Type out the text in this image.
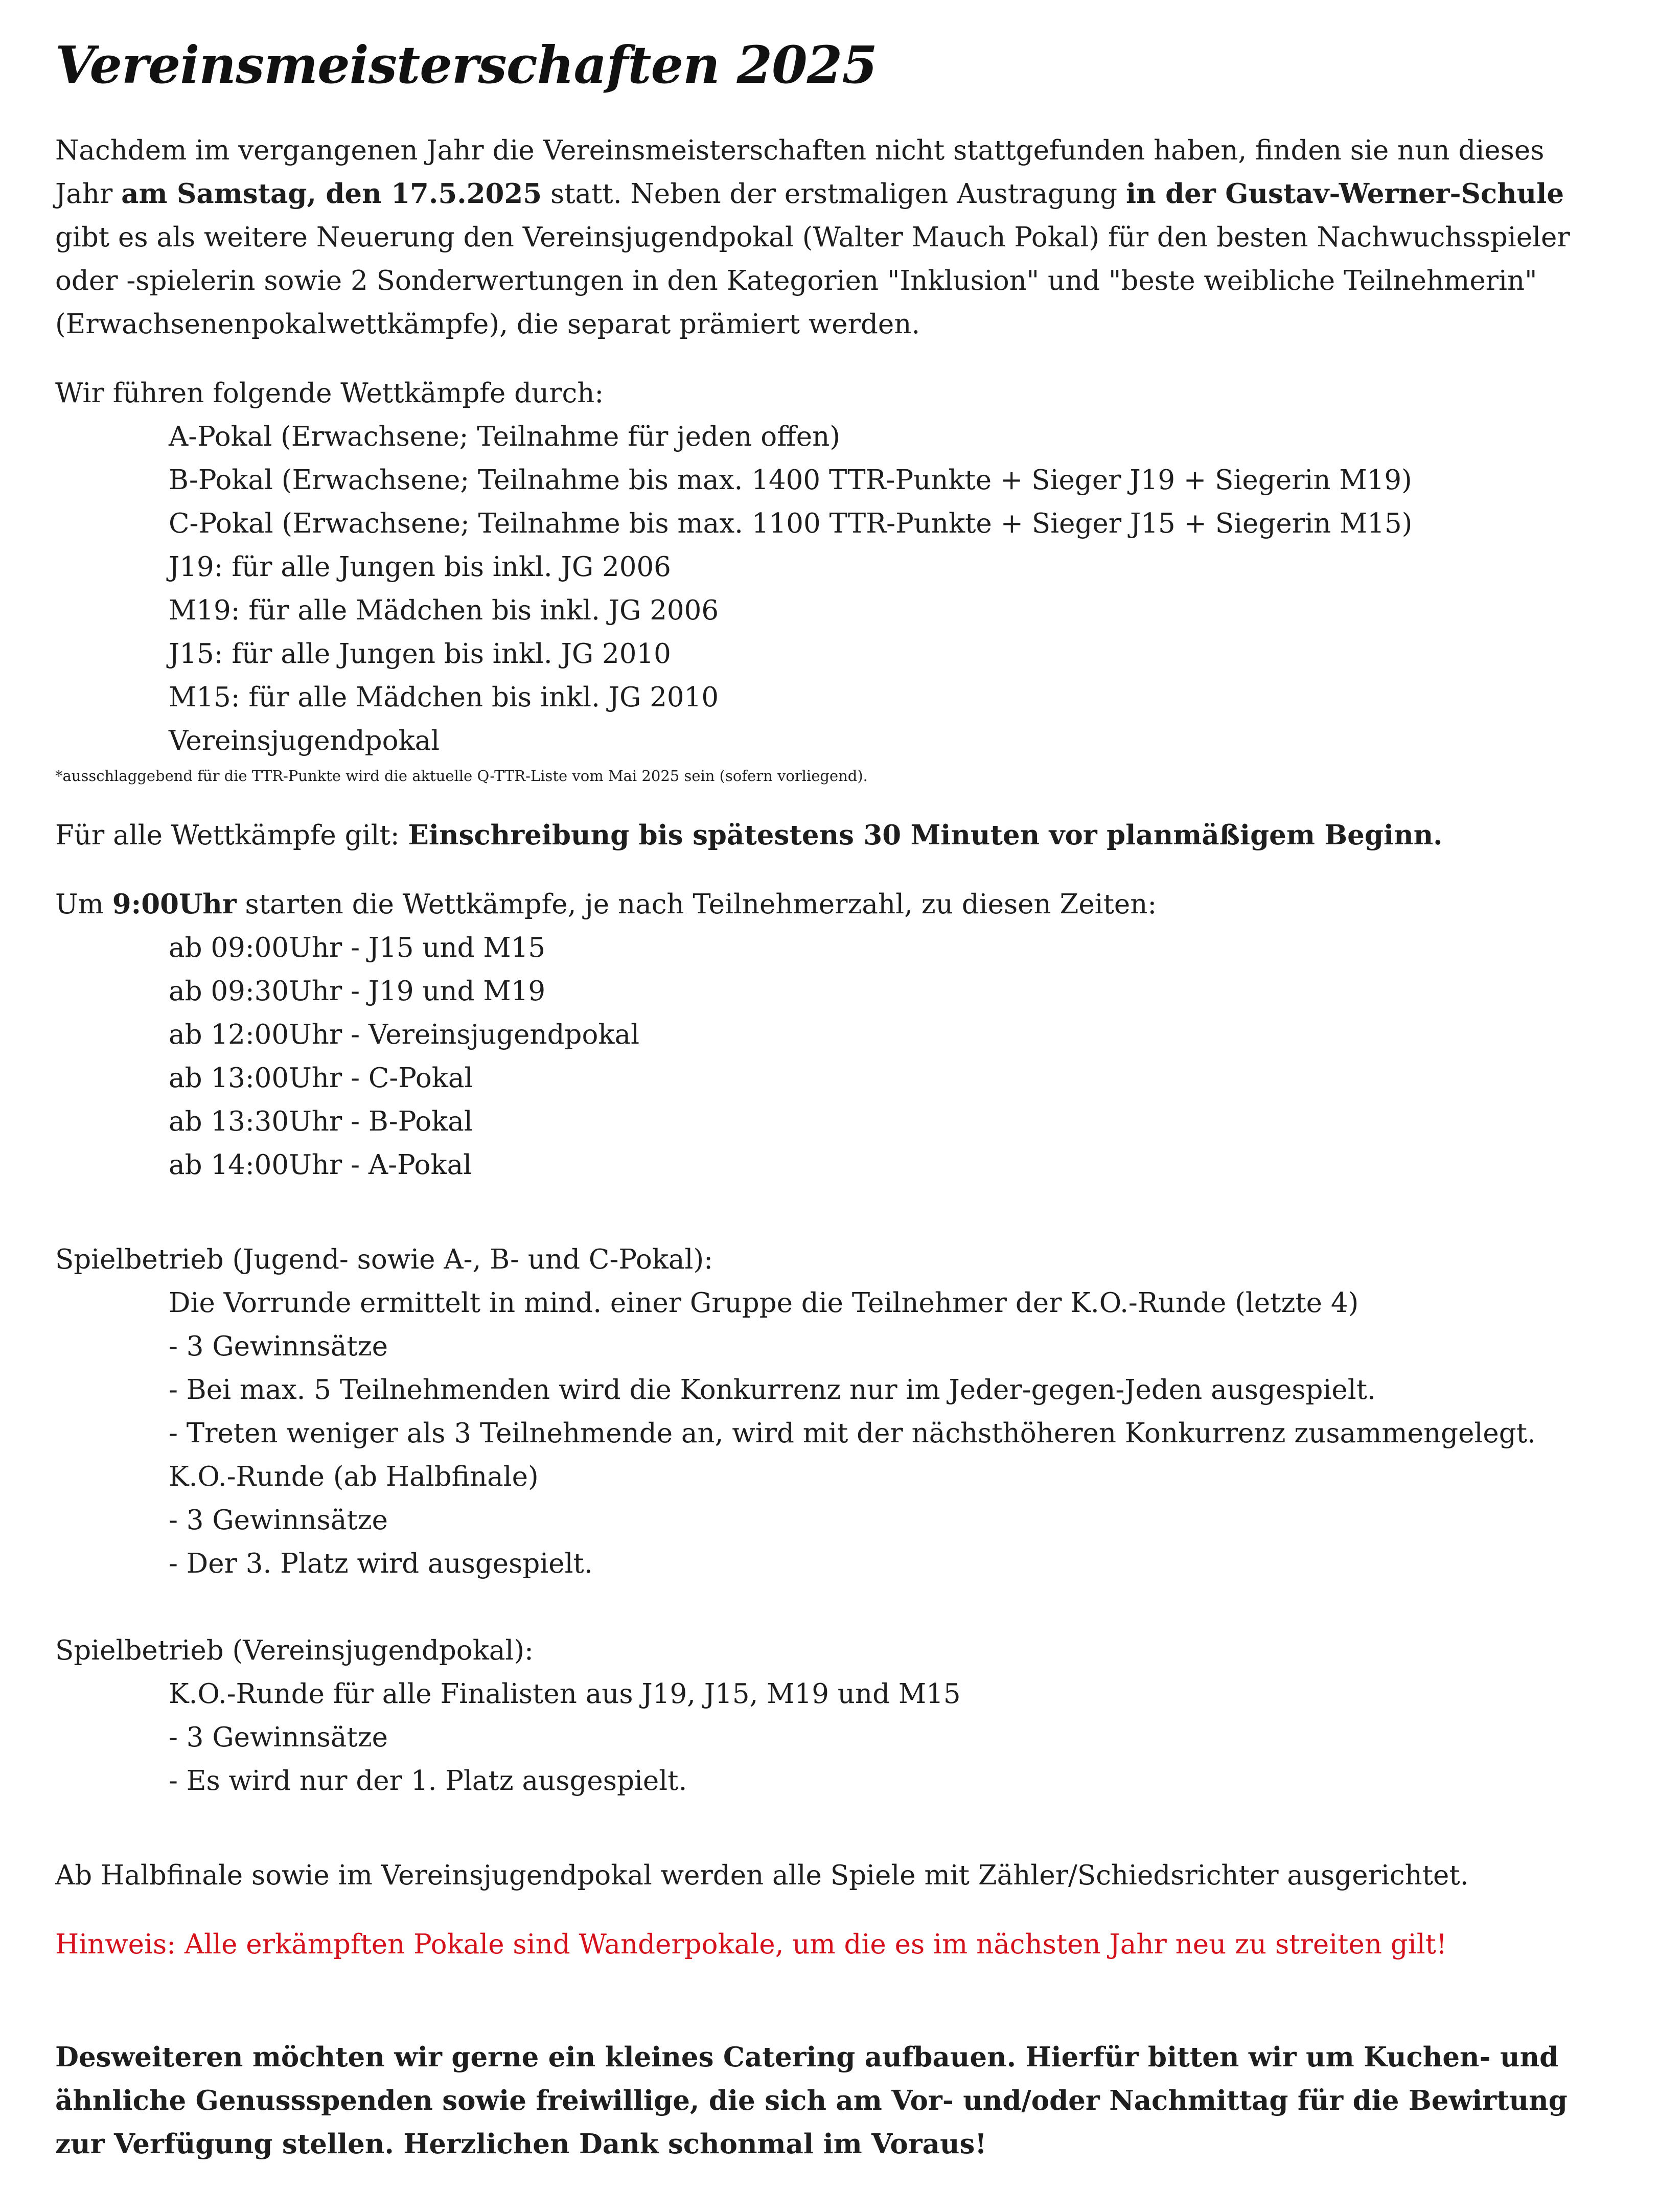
Vereinsmeisterschaften 2025

Nachdem im vergangenen Jahr die Vereinsmeisterschaften nicht stattgefunden haben, finden sie nun dieses Jahr am Samstag, den 17.5.2025 statt. Neben der erstmaligen Austragung in der Gustav-Werner-Schule gibt es als weitere Neuerung den Vereinsjugendpokal (Walter Mauch Pokal) für den besten Nachwuchsspieler oder -spielerin sowie 2 Sonderwertungen in den Kategorien "Inklusion" und "beste weibliche Teilnehmerin" (Erwachsenenpokalwettkämpfe), die separat prämiert werden.

Wir führen folgende Wettkämpfe durch:

A-Pokal (Erwachsene; Teilnahme für jeden offen)

B-Pokal (Erwachsene; Teilnahme bis max. 1400 TTR-Punkte + Sieger J19 + Siegerin M19)

C-Pokal (Erwachsene; Teilnahme bis max. 1100 TTR-Punkte + Sieger J15 + Siegerin M15)

J19: für alle Jungen bis inkl. JG 2006

M19: für alle Mädchen bis inkl. JG 2006

J15: für alle Jungen bis inkl. JG 2010

M15: für alle Mädchen bis inkl. JG 2010

Vereinsjugendpokal

*ausschlaggebend für die TTR-Punkte wird die aktuelle Q-TTR-Liste vom Mai 2025 sein (sofern vorliegend).

Für alle Wettkämpfe gilt: Einschreibung bis spätestens 30 Minuten vor planmäßigem Beginn.

Um 9:00Uhr starten die Wettkämpfe, je nach Teilnehmerzahl, zu diesen Zeiten:

ab 09:00Uhr - J15 und M15

ab 09:30Uhr - J19 und M19

ab 12:00Uhr - Vereinsjugendpokal

ab 13:00Uhr - C-Pokal

ab 13:30Uhr - B-Pokal

ab 14:00Uhr - A-Pokal

Spielbetrieb (Jugend- sowie A-, B- und C-Pokal):

Die Vorrunde ermittelt in mind. einer Gruppe die Teilnehmer der K.O.-Runde (letzte 4)

- 3 Gewinnsätze

- Bei max. 5 Teilnehmenden wird die Konkurrenz nur im Jeder-gegen-Jeden ausgespielt.

- Treten weniger als 3 Teilnehmende an, wird mit der nächsthöheren Konkurrenz zusammengelegt.

K.O.-Runde (ab Halbfinale)

- 3 Gewinnsätze

- Der 3. Platz wird ausgespielt.

Spielbetrieb (Vereinsjugendpokal):

K.O.-Runde für alle Finalisten aus J19, J15, M19 und M15

- 3 Gewinnsätze

- Es wird nur der 1. Platz ausgespielt.

Ab Halbfinale sowie im Vereinsjugendpokal werden alle Spiele mit Zähler/Schiedsrichter ausgerichtet.

Hinweis: Alle erkämpften Pokale sind Wanderpokale, um die es im nächsten Jahr neu zu streiten gilt!

Desweiteren möchten wir gerne ein kleines Catering aufbauen. Hierfür bitten wir um Kuchen- und ähnliche Genussspenden sowie freiwillige, die sich am Vor- und/oder Nachmittag für die Bewirtung zur Verfügung stellen. Herzlichen Dank schonmal im Voraus!
